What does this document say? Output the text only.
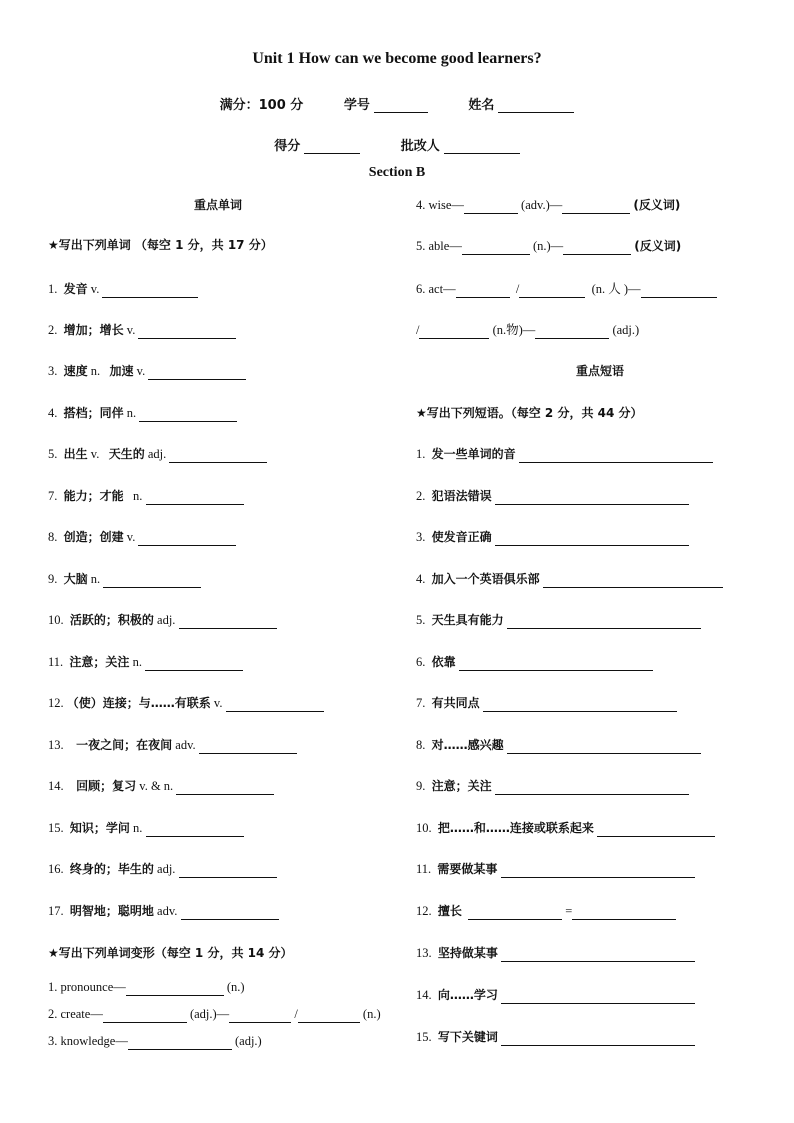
Unit 1 How can we become good learners?
满分：100 分	学号	姓名
得分	批改人
Section B
重点单词
★写出下列单词 （每空 1 分，共 17 分）
1. 发音 v.
2. 增加；增长 v.
3. 速度 n. 加速 v.
4. 搭档；同伴 n.
5. 出生 v. 天生的 adj.
7. 能力；才能 n.
8. 创造；创建 v.
9. 大脑 n.
10. 活跃的；积极的 adj.
11. 注意；关注 n.
12. （使）连接；与……有联系 v.
13. 一夜之间；在夜间 adv.
14. 回顾；复习 v. & n.
15. 知识；学问 n.
16. 终身的；毕生的 adj.
17. 明智地；聪明地 adv.
★写出下列单词变形（每空 1 分，共 14 分）
1. pronounce—	(n.)
2. create—	(adj.)—	/	(n.)
3. knowledge—	(adj.)
4. wise—	(adv.)—	(反义词)
5. able—	(n.)—	(反义词)
6. act—	/	(n. 人 )—
/	(n.物)—	(adj.)
重点短语
★写出下列短语。（每空 2 分，共 44 分）
1. 发一些单词的音
2. 犯语法错误
3. 使发音正确
4. 加入一个英语俱乐部
5. 天生具有能力
6. 依靠
7. 有共同点
8. 对……感兴趣
9. 注意；关注
10. 把……和……连接或联系起来
11. 需要做某事
12. 擅长	=
13. 坚持做某事
14. 向……学习
15. 写下关键词
